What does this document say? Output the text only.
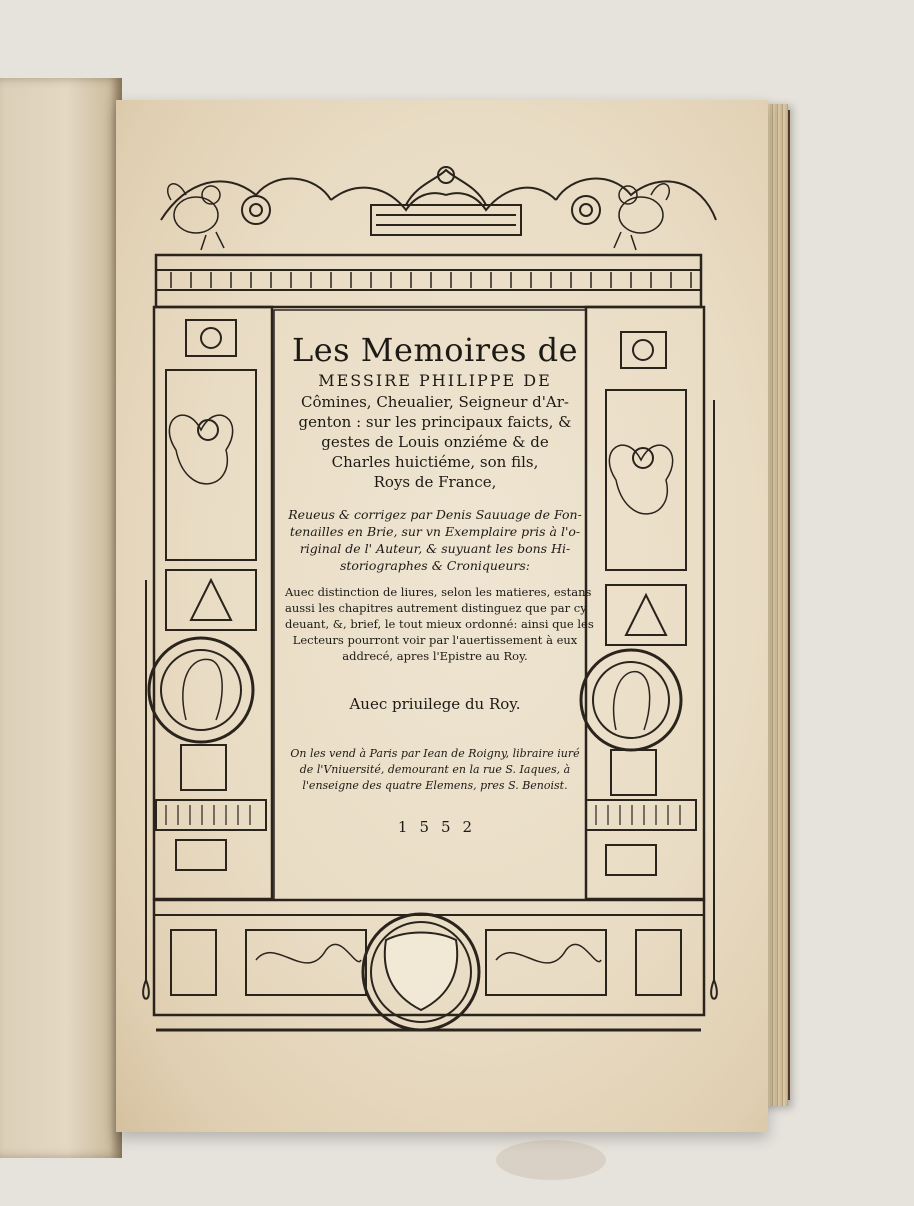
Les Memoires de
MESSIRE PHILIPPE DE
Cômines, Cheualier, Seigneur d'Ar-
genton : sur les principaux faicts, &
gestes de Louis onziéme & de
Charles huictiéme, son fils,
Roys de France,
Reueus & corrigez par Denis Sauuage de Fon-
tenailles en Brie, sur vn Exemplaire pris à l'o-
riginal de l' Auteur, & suyuant les bons Hi-
storiographes & Croniqueurs:
Auec distinction de liures, selon les matieres, estans
aussi les chapitres autrement distinguez que par cy
deuant, &, brief, le tout mieux ordonné: ainsi que les
Lecteurs pourront voir par l'auertissement à eux
addrecé, apres l'Epistre au Roy.
Auec priuilege du Roy.
On les vend à Paris par Iean de Roigny, libraire iuré
de l'Vniuersité, demourant en la rue S. Iaques, à
l'enseigne des quatre Elemens, pres S. Benoist.
1552
